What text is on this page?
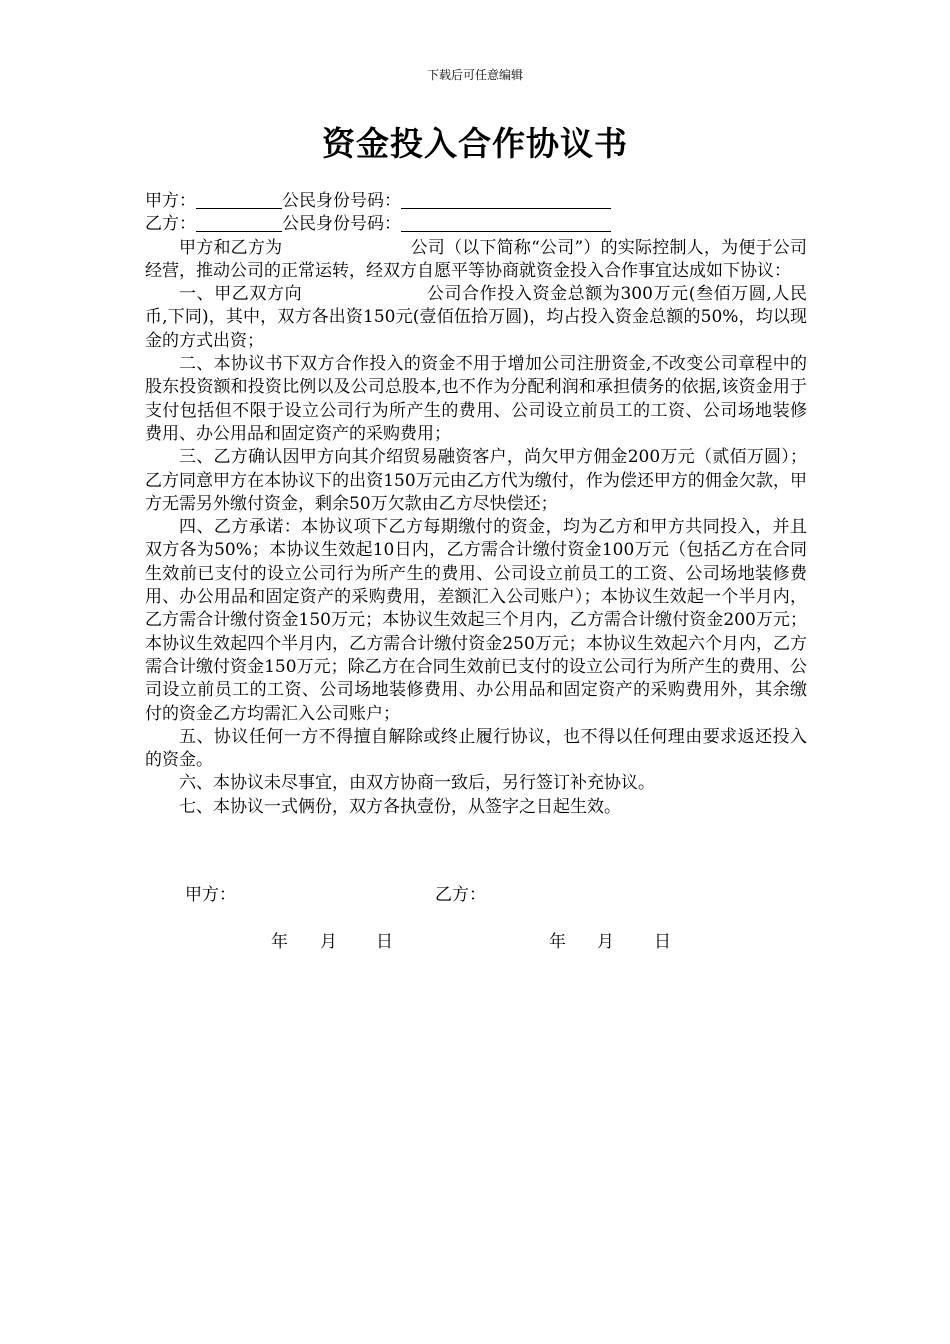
下载后可任意编辑
资金投入合作协议书
甲方：	公民身份号码：
乙方：	公民身份号码：

甲方和乙方为	公司（以下简称“公司”）的实际控制人，为便于公司经营，推动公司的正常运转，经双方自愿平等协商就资金投入合作事宜达成如下协议：

一、甲乙双方向	公司合作投入资金总额为300万元(叁佰万圆,人民币,下同)，其中，双方各出资150元(壹佰伍拾万圆)，均占投入资金总额的50%，均以现金的方式出资；

二、本协议书下双方合作投入的资金不用于增加公司注册资金,不改变公司章程中的股东投资额和投资比例以及公司总股本,也不作为分配利润和承担债务的依据,该资金用于支付包括但不限于设立公司行为所产生的费用、公司设立前员工的工资、公司场地装修费用、办公用品和固定资产的采购费用；

三、乙方确认因甲方向其介绍贸易融资客户，尚欠甲方佣金200万元（贰佰万圆）；乙方同意甲方在本协议下的出资150万元由乙方代为缴付，作为偿还甲方的佣金欠款，甲方无需另外缴付资金，剩余50万欠款由乙方尽快偿还；

四、乙方承诺：本协议项下乙方每期缴付的资金，均为乙方和甲方共同投入，并且双方各为50%；本协议生效起10日内，乙方需合计缴付资金100万元（包括乙方在合同生效前已支付的设立公司行为所产生的费用、公司设立前员工的工资、公司场地装修费用、办公用品和固定资产的采购费用，差额汇入公司账户）；本协议生效起一个半月内，乙方需合计缴付资金150万元；本协议生效起三个月内，乙方需合计缴付资金200万元；本协议生效起四个半月内，乙方需合计缴付资金250万元；本协议生效起六个月内，乙方需合计缴付资金150万元；除乙方在合同生效前已支付的设立公司行为所产生的费用、公司设立前员工的工资、公司场地装修费用、办公用品和固定资产的采购费用外，其余缴付的资金乙方均需汇入公司账户；

五、协议任何一方不得擅自解除或终止履行协议，也不得以任何理由要求返还投入的资金。

六、本协议未尽事宜，由双方协商一致后，另行签订补充协议。

七、本协议一式俩份，双方各执壹份，从签字之日起生效。

甲方：	乙方：
年 月 日	年 月 日
